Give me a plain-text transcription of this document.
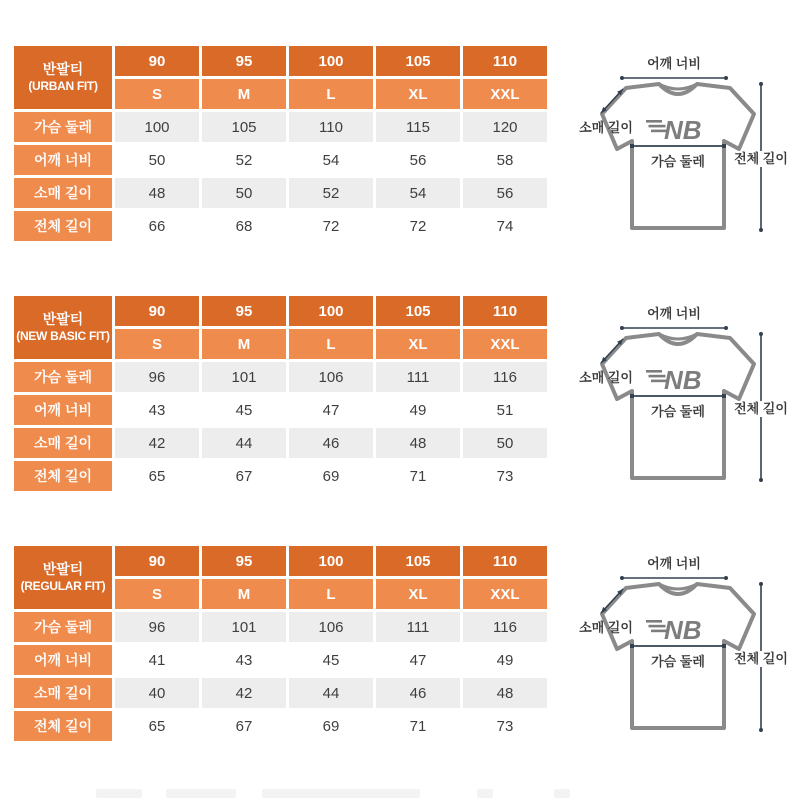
반팔티
(URBAN FIT)
90	95	100	105	110
S	M	L	XL	XXL
가슴 둘레	100	105	110	115	120
어깨 너비	50	52	54	56	58
소매 길이	48	50	52	54	56
전체 길이	66	68	72	72	74
반팔티
(NEW BASIC FIT)
90	95	100	105	110
S	M	L	XL	XXL
가슴 둘레	96	101	106	111	116
어깨 너비	43	45	47	49	51
소매 길이	42	44	46	48	50
전체 길이	65	67	69	71	73
반팔티
(REGULAR FIT)
90	95	100	105	110
S	M	L	XL	XXL
가슴 둘레	96	101	106	111	116
어깨 너비	41	43	45	47	49
소매 길이	40	42	44	46	48
전체 길이	65	67	69	71	73
어깨 너비
NB
가슴 둘레
소매 길이
전체 길이
어깨 너비
NB
가슴 둘레
소매 길이
전체 길이
어깨 너비
NB
가슴 둘레
소매 길이
전체 길이
